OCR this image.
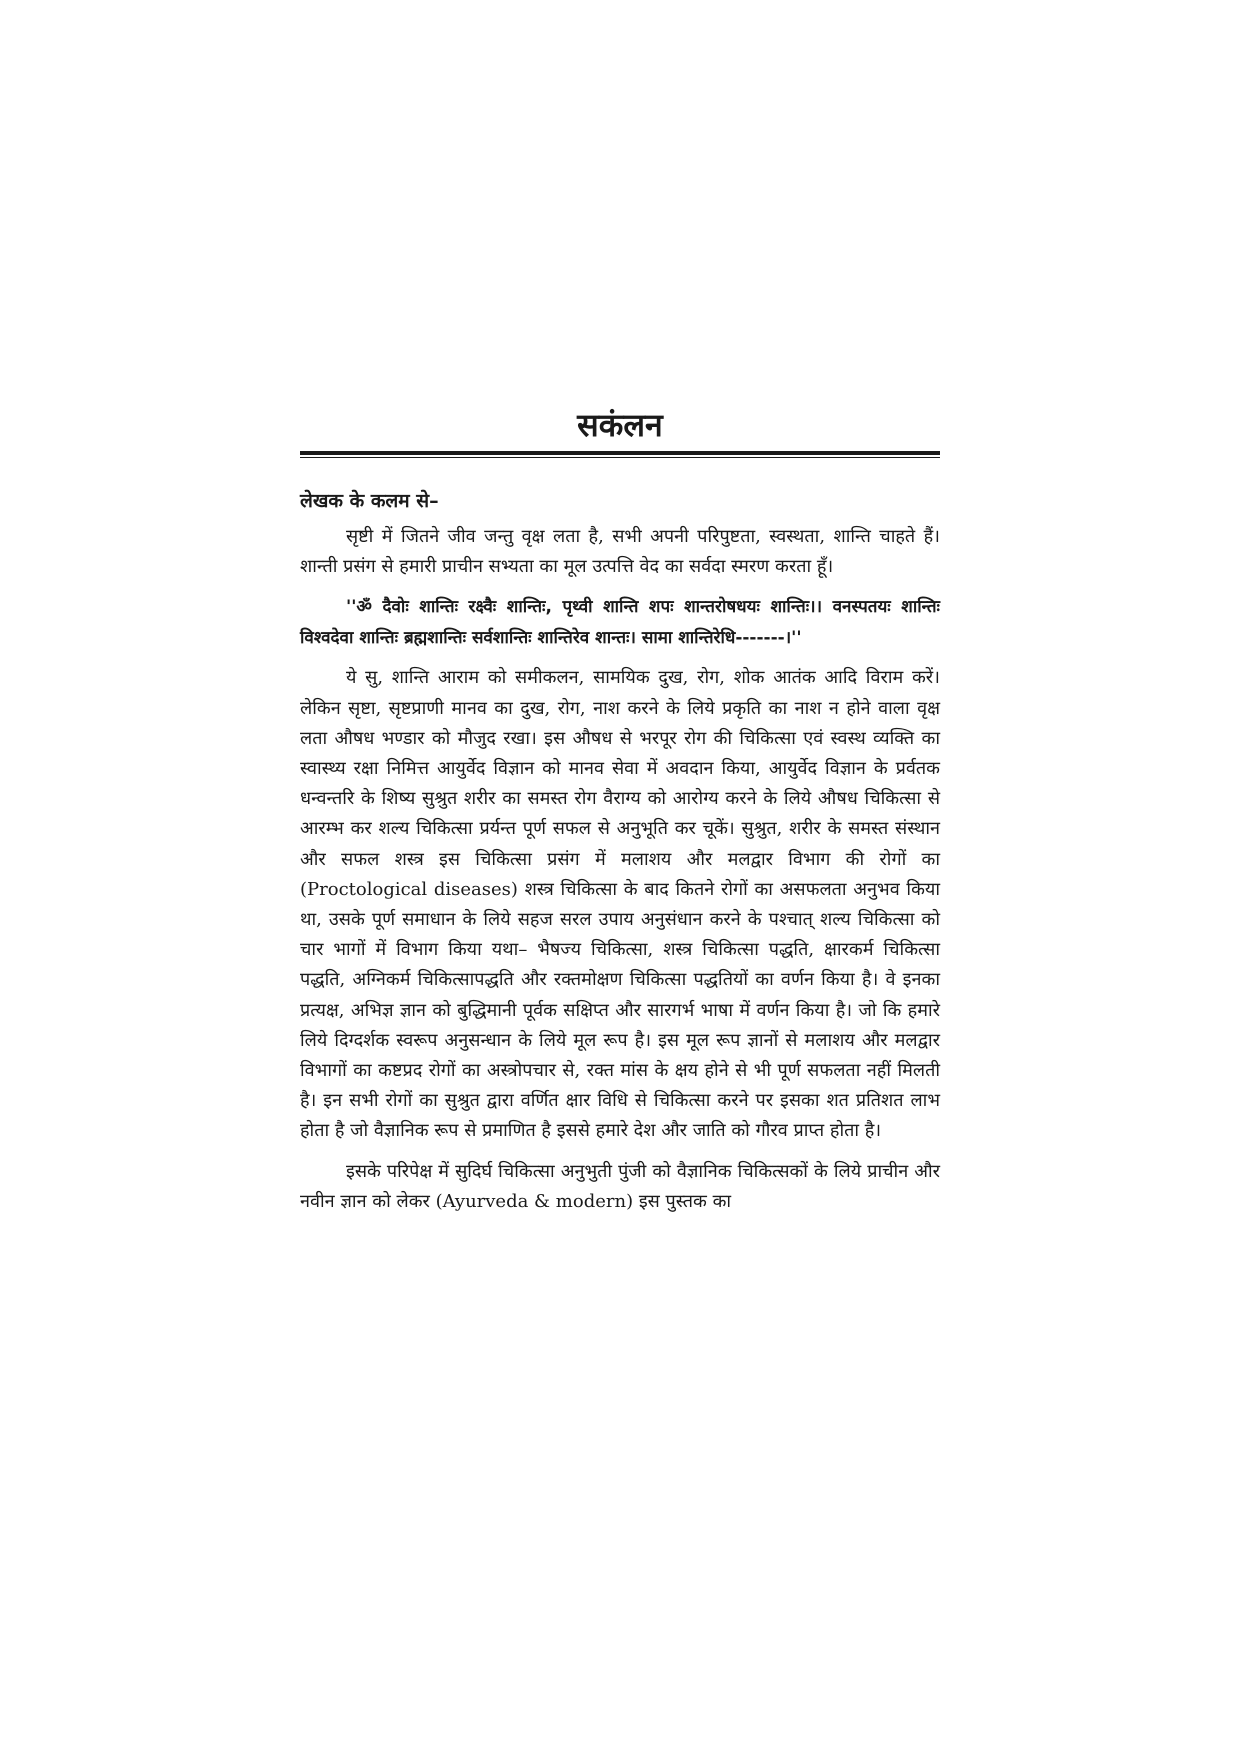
सकंलन
लेखक के कलम से–

सृष्टी में जितने जीव जन्तु वृक्ष लता है, सभी अपनी परिपुष्टता, स्वस्थता, शान्ति चाहते हैं। शान्ती प्रसंग से हमारी प्राचीन सभ्यता का मूल उत्पत्ति वेद का सर्वदा स्मरण करता हूँ।

''ॐ दैवोः शान्तिः रक्ष्वैः शान्तिः, पृथ्वी शान्ति शपः शान्तरोषधयः शान्तिः।। वनस्पतयः शान्तिः विश्वदेवा शान्तिः ब्रह्मशान्तिः सर्वशान्तिः शान्तिरेव शान्तः। सामा शान्तिरेधि-------।''

ये सु, शान्ति आराम को समीकलन, सामयिक दुख, रोग, शोक आतंक आदि विराम करें। लेकिन सृष्टा, सृष्टप्राणी मानव का दुख, रोग, नाश करने के लिये प्रकृति का नाश न होने वाला वृक्ष लता औषध भण्डार को मौजुद रखा। इस औषध से भरपूर रोग की चिकित्सा एवं स्वस्थ व्यक्ति का स्वास्थ्य रक्षा निमित्त आयुर्वेद विज्ञान को मानव सेवा में अवदान किया, आयुर्वेद विज्ञान के प्रर्वतक धन्वन्तरि के शिष्य सुश्रुत शरीर का समस्त रोग वैराग्य को आरोग्य करने के लिये औषध चिकित्सा से आरम्भ कर शल्य चिकित्सा प्रर्यन्त पूर्ण सफल से अनुभूति कर चूकें। सुश्रुत, शरीर के समस्त संस्थान और सफल शस्त्र इस चिकित्सा प्रसंग में मलाशय और मलद्वार विभाग की रोगों का (Proctological diseases) शस्त्र चिकित्सा के बाद कितने रोगों का असफलता अनुभव किया था, उसके पूर्ण समाधान के लिये सहज सरल उपाय अनुसंधान करने के पश्चात् शल्य चिकित्सा को चार भागों में विभाग किया यथा– भैषज्य चिकित्सा, शस्त्र चिकित्सा पद्धति, क्षारकर्म चिकित्सा पद्धति, अग्निकर्म चिकित्सापद्धति और रक्तमोक्षण चिकित्सा पद्धतियों का वर्णन किया है। वे इनका प्रत्यक्ष, अभिज्ञ ज्ञान को बुद्धिमानी पूर्वक सक्षिप्त और सारगर्भ भाषा में वर्णन किया है। जो कि हमारे लिये दिग्दर्शक स्वरूप अनुसन्धान के लिये मूल रूप है। इस मूल रूप ज्ञानों से मलाशय और मलद्वार विभागों का कष्टप्रद रोगों का अस्त्रोपचार से, रक्त मांस के क्षय होने से भी पूर्ण सफलता नहीं मिलती है। इन सभी रोगों का सुश्रुत द्वारा वर्णित क्षार विधि से चिकित्सा करने पर इसका शत प्रतिशत लाभ होता है जो वैज्ञानिक रूप से प्रमाणित है इससे हमारे देश और जाति को गौरव प्राप्त होता है।

इसके परिपेक्ष में सुदिर्घ चिकित्सा अनुभुती पुंजी को वैज्ञानिक चिकित्सकों के लिये प्राचीन और नवीन ज्ञान को लेकर (Ayurveda & modern) इस पुस्तक का
